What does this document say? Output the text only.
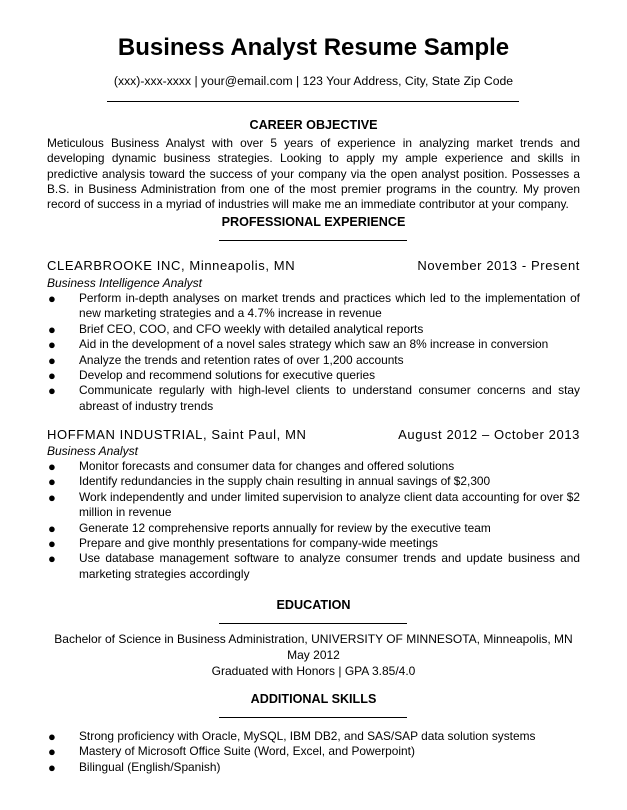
Business Analyst Resume Sample
(xxx)-xxx-xxxx | your@email.com | 123 Your Address, City, State Zip Code
CAREER OBJECTIVE
Meticulous Business Analyst with over 5 years of experience in analyzing market trends and developing dynamic business strategies. Looking to apply my ample experience and skills in predictive analysis toward the success of your company via the open analyst position. Possesses a B.S. in Business Administration from one of the most premier programs in the country. My proven record of success in a myriad of industries will make me an immediate contributor at your company.
PROFESSIONAL EXPERIENCE
CLEARBROOKE INC, Minneapolis, MN	November 2013 - Present
Business Intelligence Analyst
● Perform in-depth analyses on market trends and practices which led to the implementation of new marketing strategies and a 4.7% increase in revenue
● Brief CEO, COO, and CFO weekly with detailed analytical reports
● Aid in the development of a novel sales strategy which saw an 8% increase in conversion
● Analyze the trends and retention rates of over 1,200 accounts
● Develop and recommend solutions for executive queries
● Communicate regularly with high-level clients to understand consumer concerns and stay abreast of industry trends
HOFFMAN INDUSTRIAL, Saint Paul, MN	August 2012 – October 2013
Business Analyst
● Monitor forecasts and consumer data for changes and offered solutions
● Identify redundancies in the supply chain resulting in annual savings of $2,300
● Work independently and under limited supervision to analyze client data accounting for over $2 million in revenue
● Generate 12 comprehensive reports annually for review by the executive team
● Prepare and give monthly presentations for company-wide meetings
● Use database management software to analyze consumer trends and update business and marketing strategies accordingly
EDUCATION
Bachelor of Science in Business Administration, UNIVERSITY OF MINNESOTA, Minneapolis, MN
May 2012
Graduated with Honors | GPA 3.85/4.0
ADDITIONAL SKILLS
● Strong proficiency with Oracle, MySQL, IBM DB2, and SAS/SAP data solution systems
● Mastery of Microsoft Office Suite (Word, Excel, and Powerpoint)
● Bilingual (English/Spanish)
